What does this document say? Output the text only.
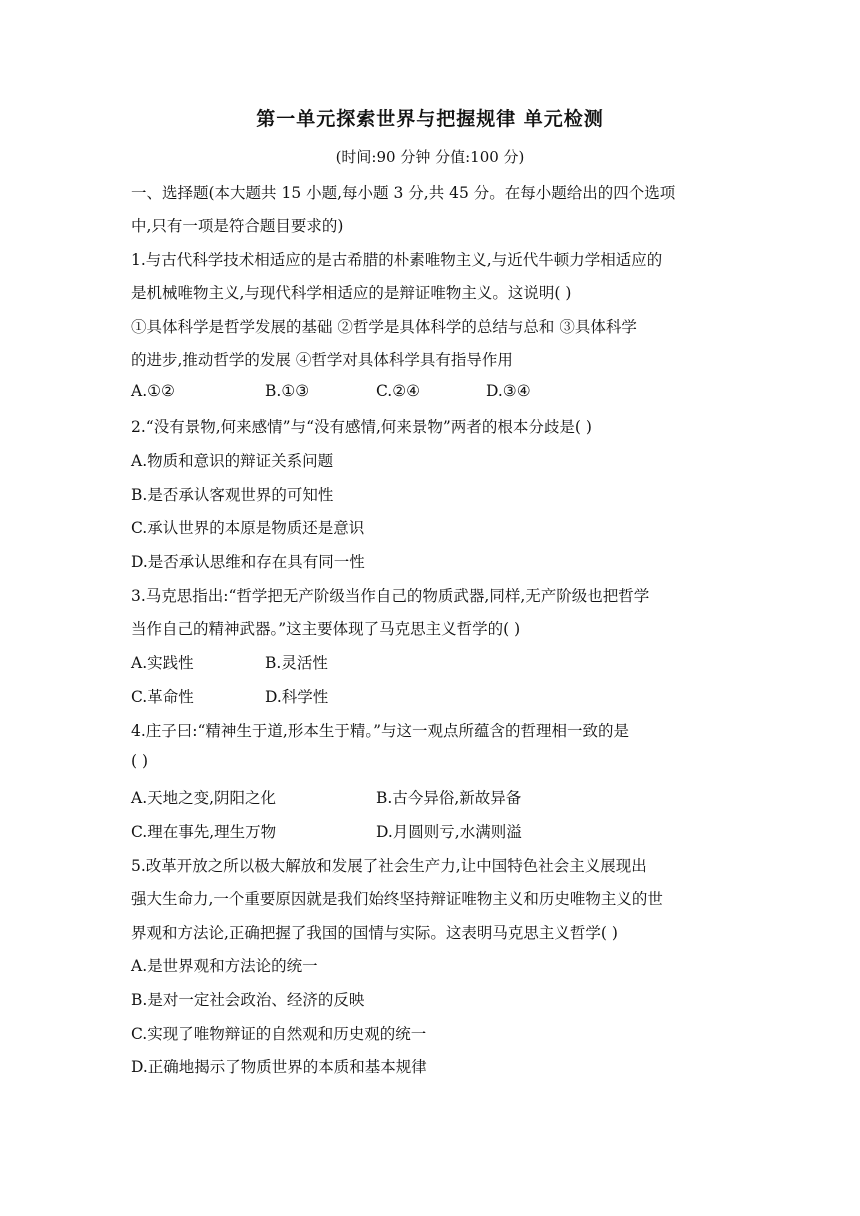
第一单元探索世界与把握规律 单元检测
(时间:90 分钟 分值:100 分)
一、选择题(本大题共 15 小题,每小题 3 分,共 45 分。在每小题给出的四个选项
中,只有一项是符合题目要求的)
1.与古代科学技术相适应的是古希腊的朴素唯物主义,与近代牛顿力学相适应的
是机械唯物主义,与现代科学相适应的是辩证唯物主义。这说明( )
①具体科学是哲学发展的基础 ②哲学是具体科学的总结与总和 ③具体科学
的进步,推动哲学的发展 ④哲学对具体科学具有指导作用
A.①②	B.①③	C.②④	D.③④
2.“没有景物,何来感情”与“没有感情,何来景物”两者的根本分歧是( )
A.物质和意识的辩证关系问题
B.是否承认客观世界的可知性
C.承认世界的本原是物质还是意识
D.是否承认思维和存在具有同一性
3.马克思指出:“哲学把无产阶级当作自己的物质武器,同样,无产阶级也把哲学
当作自己的精神武器。”这主要体现了马克思主义哲学的( )
A.实践性	B.灵活性
C.革命性	D.科学性
4.庄子曰:“精神生于道,形本生于精。”与这一观点所蕴含的哲理相一致的是
( )
A.天地之变,阴阳之化	B.古今异俗,新故异备
C.理在事先,理生万物	D.月圆则亏,水满则溢
5.改革开放之所以极大解放和发展了社会生产力,让中国特色社会主义展现出
强大生命力,一个重要原因就是我们始终坚持辩证唯物主义和历史唯物主义的世
界观和方法论,正确把握了我国的国情与实际。这表明马克思主义哲学( )
A.是世界观和方法论的统一
B.是对一定社会政治、经济的反映
C.实现了唯物辩证的自然观和历史观的统一
D.正确地揭示了物质世界的本质和基本规律
